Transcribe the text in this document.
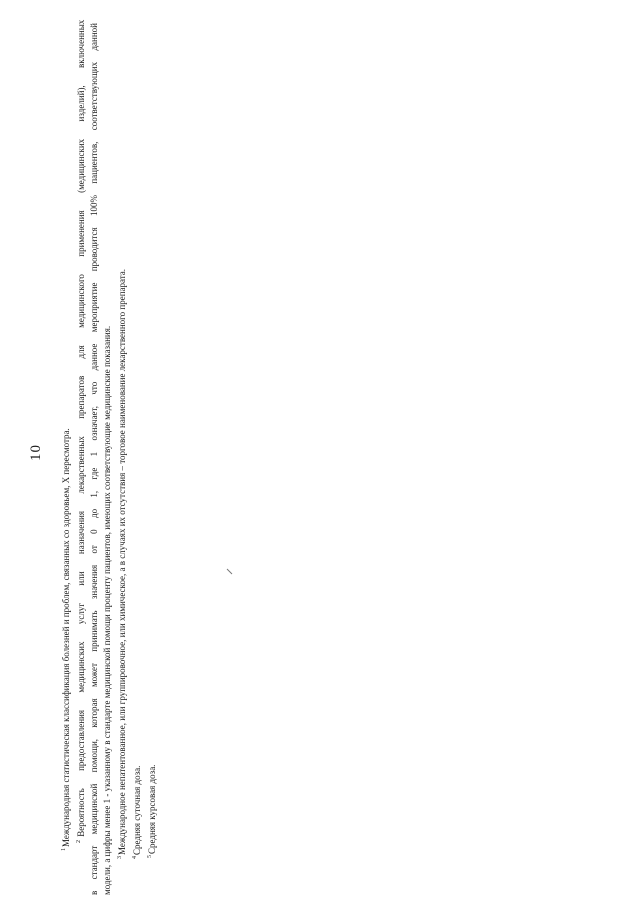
10

$^1$Международная статистическая классификация болезней и проблем, связанных со здоровьем, X пересмотра. $^2$ Вероятность предоставления медицинских услуг или назначения лекарственных препаратов для медицинского применения (медицинских изделий), включенных в стандарт медицинской помощи, которая может принимать значения от 0 до 1, где 1 означает, что данное мероприятие проводится 100% пациентов, соответствующих данной модели, а цифры менее 1 - указанному в стандарте медицинской помощи проценту пациентов, имеющих соответствующие медицинские показания. $^3$Международное непатентованное, или группировочное, или химическое, а в случаях их отсутствия – торговое наименование лекарственного препарата.

$^4$Средняя суточная доза.

$^5$Средняя курсовая доза.
